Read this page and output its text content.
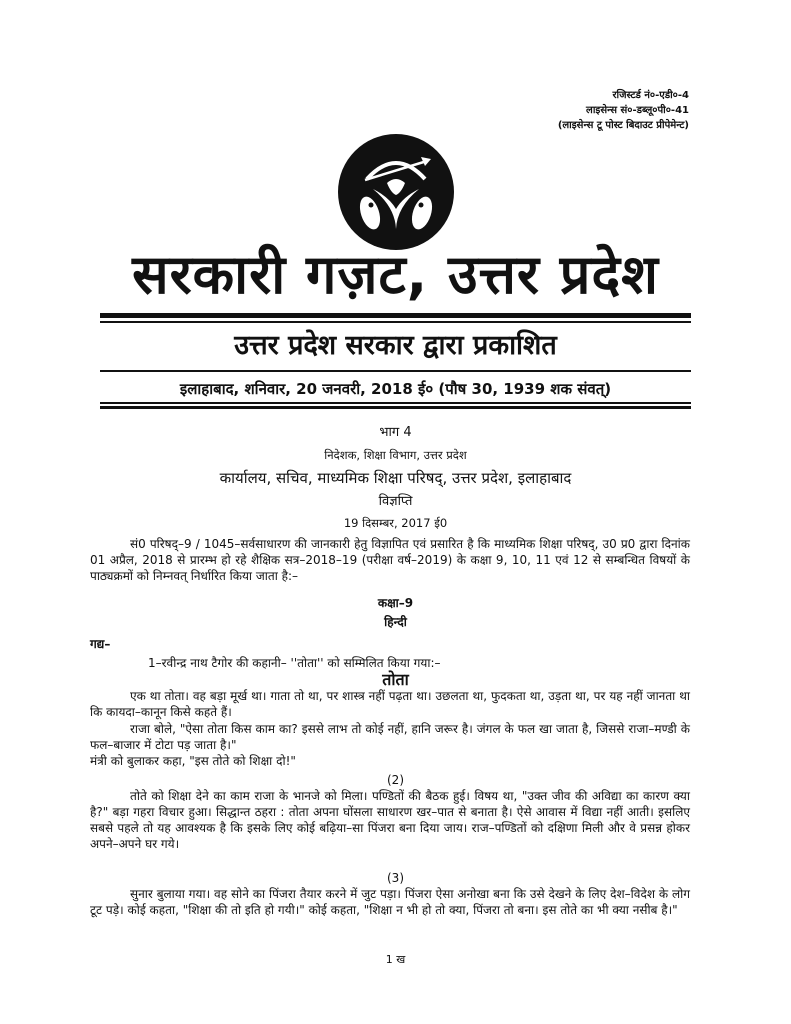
रजिस्टर्ड नं०-एडी०-4
लाइसेन्स सं०-डब्लू०पी०-41
(लाइसेन्स टू पोस्ट बिदाउट प्रीपेमेन्ट)
सरकारी गज़ट, उत्तर प्रदेश
उत्तर प्रदेश सरकार द्वारा प्रकाशित
इलाहाबाद, शनिवार, 20 जनवरी, 2018 ई० (पौष 30, 1939 शक संवत्)
भाग 4
निदेशक, शिक्षा विभाग, उत्तर प्रदेश
कार्यालय, सचिव, माध्यमिक शिक्षा परिषद्, उत्तर प्रदेश, इलाहाबाद
विज्ञप्ति
19 दिसम्बर, 2017 ई0
सं0 परिषद्–9 / 1045–सर्वसाधारण की जानकारी हेतु विज्ञापित एवं प्रसारित है कि माध्यमिक शिक्षा परिषद्, उ0 प्र0 द्वारा दिनांक 01 अप्रैल, 2018 से प्रारम्भ हो रहे शैक्षिक सत्र–2018–19 (परीक्षा वर्ष–2019) के कक्षा 9, 10, 11 एवं 12 से सम्बन्धित विषयों के पाठ्यक्रमों को निम्नवत् निर्धारित किया जाता है:–
कक्षा–9
हिन्दी
गद्य–
1–रवीन्द्र नाथ टैगोर की कहानी– ''तोता'' को सम्मिलित किया गया:–
तोता
एक था तोता। वह बड़ा मूर्ख था। गाता तो था, पर शास्त्र नहीं पढ़ता था। उछलता था, फुदकता था, उड़ता था, पर यह नहीं जानता था कि कायदा–कानून किसे कहते हैं।
राजा बोले, "ऐसा तोता किस काम का? इससे लाभ तो कोई नहीं, हानि जरूर है। जंगल के फल खा जाता है, जिससे राजा–मण्डी के फल–बाजार में टोटा पड़ जाता है।"
मंत्री को बुलाकर कहा, "इस तोते को शिक्षा दो!"
(2)
तोते को शिक्षा देने का काम राजा के भानजे को मिला। पण्डितों की बैठक हुई। विषय था, "उक्त जीव की अविद्या का कारण क्या है?" बड़ा गहरा विचार हुआ। सिद्धान्त ठहरा : तोता अपना घोंसला साधारण खर–पात से बनाता है। ऐसे आवास में विद्या नहीं आती। इसलिए सबसे पहले तो यह आवश्यक है कि इसके लिए कोई बढ़िया–सा पिंजरा बना दिया जाय। राज–पण्डितों को दक्षिणा मिली और वे प्रसन्न होकर अपने–अपने घर गये।
(3)
सुनार बुलाया गया। वह सोने का पिंजरा तैयार करने में जुट पड़ा। पिंजरा ऐसा अनोखा बना कि उसे देखने के लिए देश–विदेश के लोग टूट पड़े। कोई कहता, "शिक्षा की तो इति हो गयी।" कोई कहता, "शिक्षा न भी हो तो क्या, पिंजरा तो बना। इस तोते का भी क्या नसीब है।"
1 ख
